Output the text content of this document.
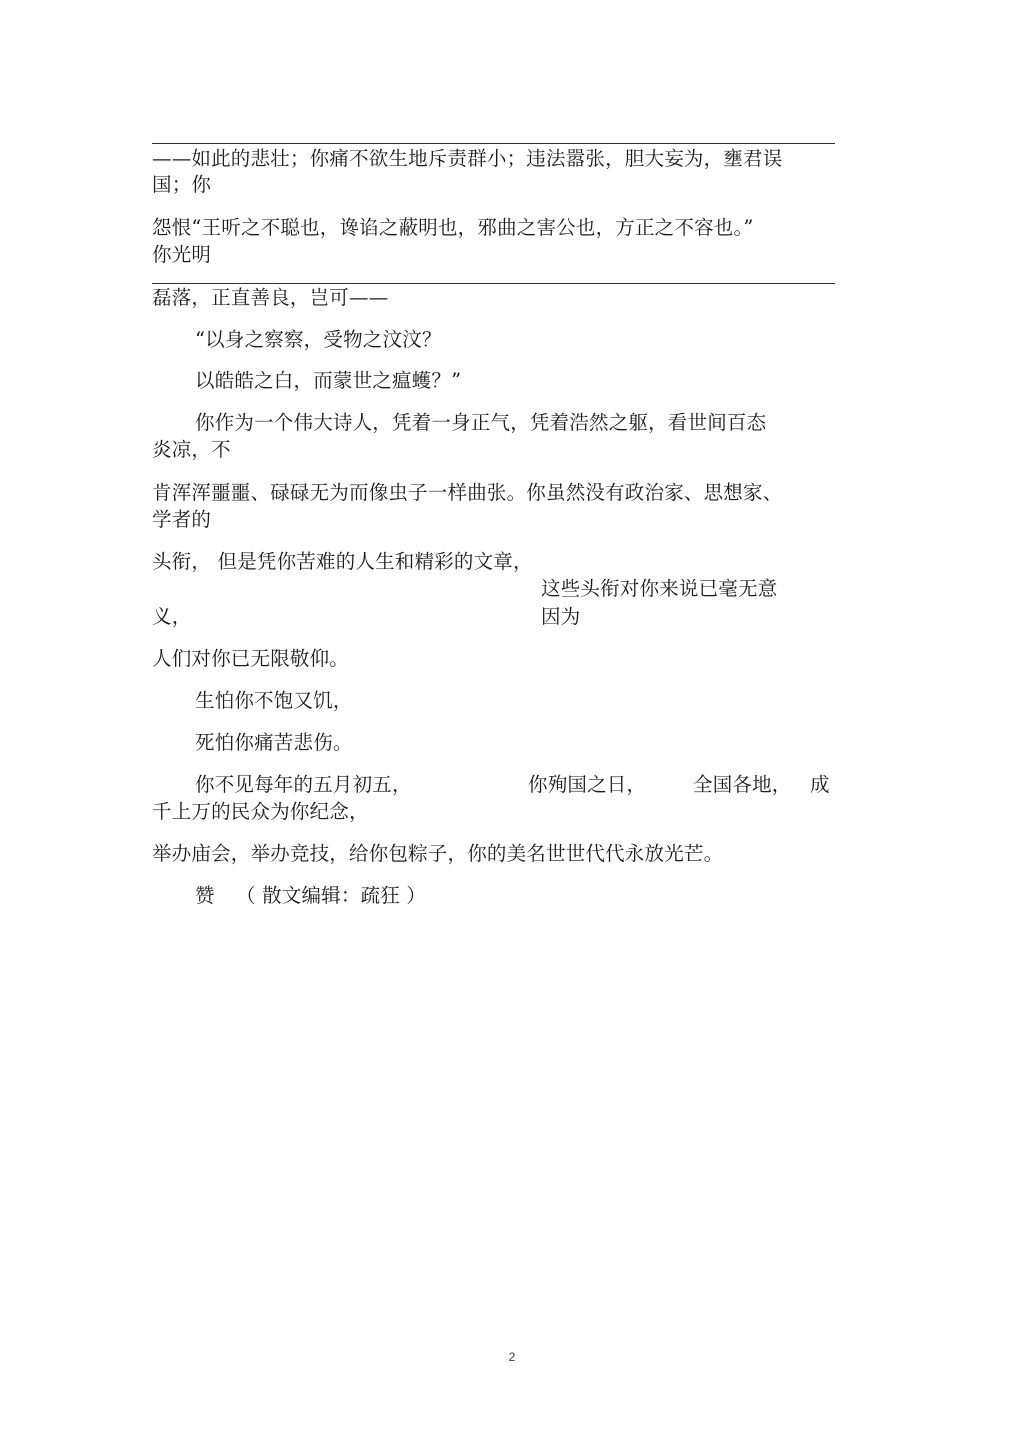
——如此的悲壮；你痛不欲生地斥责群小；违法嚣张，胆大妄为，壅君误
国；你
怨恨“王听之不聪也，谗谄之蔽明也，邪曲之害公也，方正之不容也。”
你光明
磊落，正直善良，岂可——
“以身之察察，受物之汶汶？
以皓皓之白，而蒙世之瘟蠖？”
你作为一个伟大诗人，凭着一身正气，凭着浩然之躯，看世间百态
炎凉，不
肯浑浑噩噩、碌碌无为而像虫子一样曲张。你虽然没有政治家、思想家、
学者的
头衔， 但是凭你苦难的人生和精彩的文章，
这些头衔对你来说已毫无意
义，	因为
人们对你已无限敬仰。
生怕你不饱又饥，
死怕你痛苦悲伤。
你不见每年的五月初五，	你殉国之日， 全国各地， 成
千上万的民众为你纪念，
举办庙会，举办竞技，给你包粽子，你的美名世世代代永放光芒。
赞 （ 散文编辑：疏狂 ）
2
